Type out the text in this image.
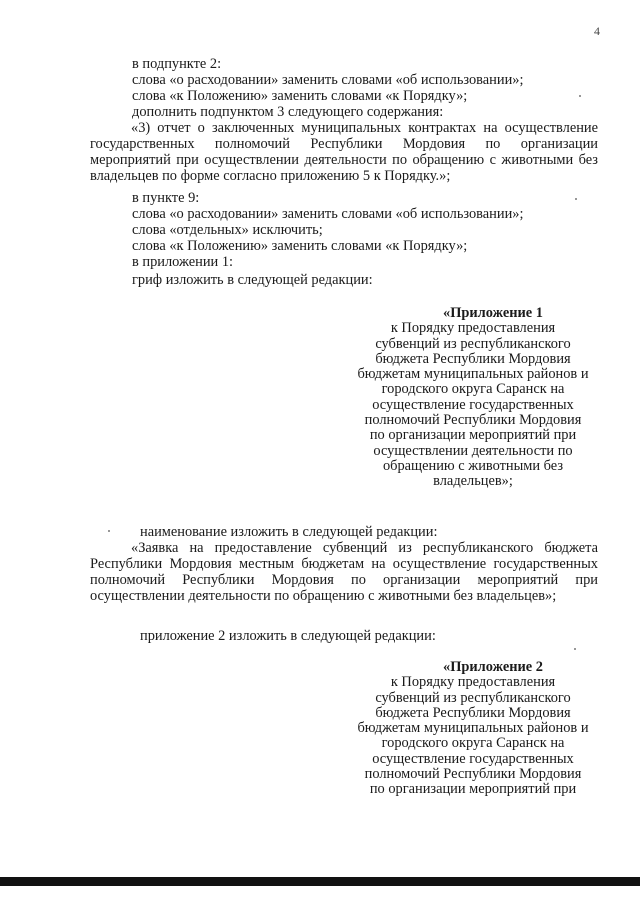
4
в подпункте 2:
слова «о расходовании» заменить словами «об использовании»;
слова «к Положению» заменить словами «к Порядку»;
дополнить подпунктом 3 следующего содержания:
«3) отчет о заключенных муниципальных контрактах на осуществление государственных полномочий Республики Мордовия по организации мероприятий при осуществлении деятельности по обращению с животными без владельцев по форме согласно приложению 5 к Порядку.»;
в пункте 9:
слова «о расходовании» заменить словами «об использовании»;
слова «отдельных» исключить;
слова «к Положению» заменить словами «к Порядку»;
в приложении 1:
гриф изложить в следующей редакции:
«Приложение 1
к Порядку предоставления
субвенций из республиканского
бюджета Республики Мордовия
бюджетам муниципальных районов и
городского округа Саранск на
осуществление государственных
полномочий Республики Мордовия
по организации мероприятий при
осуществлении деятельности по
обращению с животными без
владельцев»;
наименование изложить в следующей редакции:
«Заявка на предоставление субвенций из республиканского бюджета Республики Мордовия местным бюджетам на осуществление государственных полномочий Республики Мордовия по организации мероприятий при осуществлении деятельности по обращению с животными без владельцев»;
приложение 2 изложить в следующей редакции:
«Приложение 2
к Порядку предоставления
субвенций из республиканского
бюджета Республики Мордовия
бюджетам муниципальных районов и
городского округа Саранск на
осуществление государственных
полномочий Республики Мордовия
по организации мероприятий при
